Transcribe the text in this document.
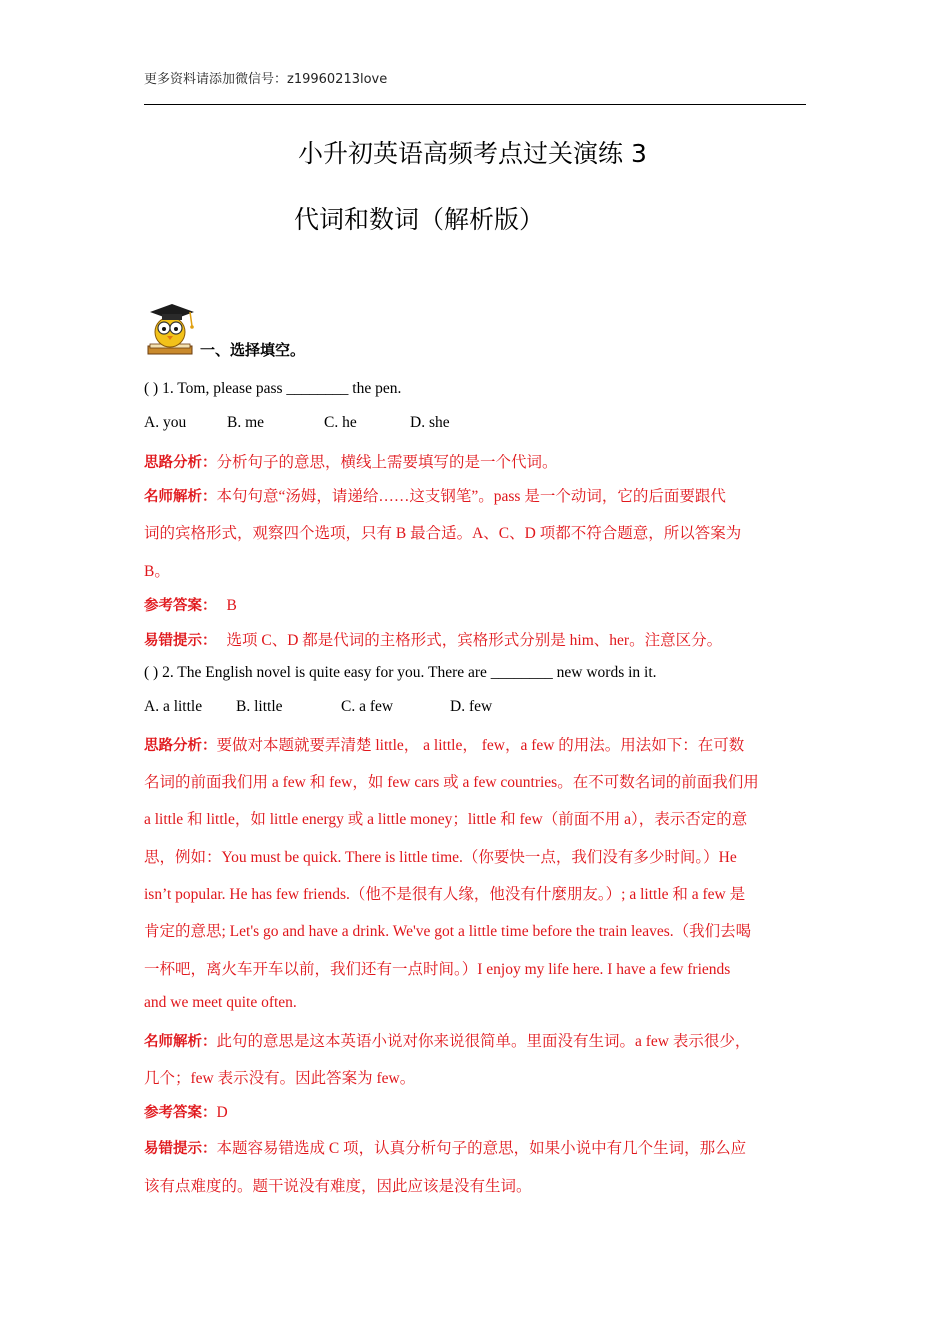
更多资料请添加微信号：z19960213love
小升初英语高频考点过关演练 3
代词和数词（解析版）
一、选择填空。
( ) 1. Tom, please pass ________ the pen.
A. you	B. me	C. he	D. she
思路分析：分析句子的意思，横线上需要填写的是一个代词。
名师解析：本句句意“汤姆，请递给……这支钢笔”。pass 是一个动词，它的后面要跟代
词的宾格形式，观察四个选项，只有 B 最合适。A、C、D 项都不符合题意，所以答案为
B。
参考答案： B
易错提示： 选项 C、D 都是代词的主格形式，宾格形式分别是 him、her。注意区分。
( ) 2. The English novel is quite easy for you. There are ________ new words in it.
A. a little B. little	C. a few	D. few
思路分析：要做对本题就要弄清楚 little， a little， few，a few 的用法。用法如下：在可数
名词的前面我们用 a few 和 few，如 few cars 或 a few countries。在不可数名词的前面我们用
a little 和 little，如 little energy 或 a little money；little 和 few（前面不用 a），表示否定的意
思，例如：You must be quick. There is little time.（你要快一点，我们没有多少时间。）He
isn’t popular. He has few friends.（他不是很有人缘，他没有什麼朋友。）; a little 和 a few 是
肯定的意思; Let's go and have a drink. We've got a little time before the train leaves.（我们去喝
一杯吧，离火车开车以前，我们还有一点时间。）I enjoy my life here. I have a few friends
and we meet quite often.
名师解析：此句的意思是这本英语小说对你来说很简单。里面没有生词。a few 表示很少，
几个；few 表示没有。因此答案为 few。
参考答案：D
易错提示：本题容易错选成 C 项，认真分析句子的意思，如果小说中有几个生词，那么应
该有点难度的。题干说没有难度，因此应该是没有生词。
